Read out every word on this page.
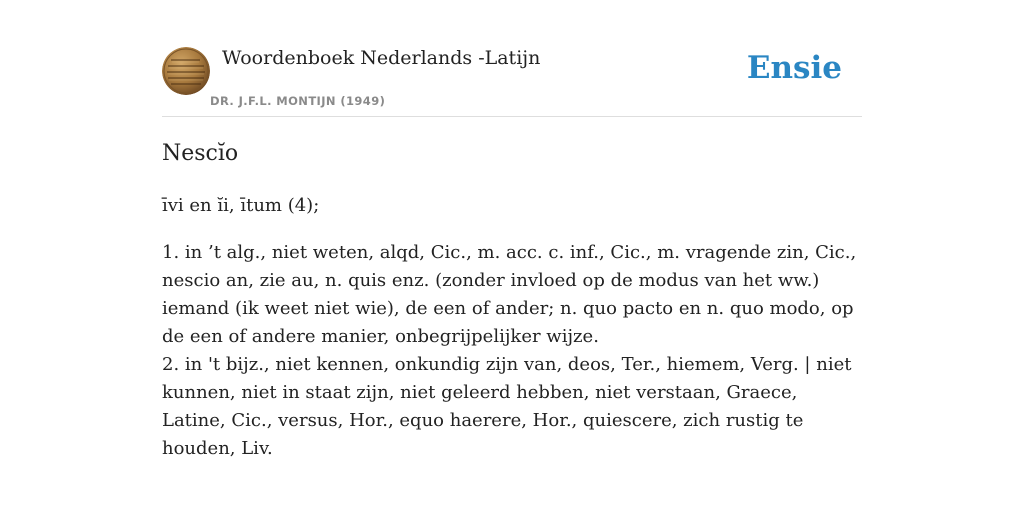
Woordenboek Nederlands -Latijn
DR. J.F.L. MONTIJN (1949)
Ensie
Nescĭo

īvi en ĭi, ītum (4);

1. in ’t alg., niet weten, alqd, Cic., m. acc. c. inf., Cic., m. vragende zin, Cic., nescio an, zie au, n. quis enz. (zonder invloed op de modus van het ww.) iemand (ik weet niet wie), de een of ander; n. quo pacto en n. quo modo, op de een of andere manier, onbegrijpelijker wijze.
2. in 't bijz., niet kennen, onkundig zijn van, deos, Ter., hiemem, Verg. | niet kunnen, niet in staat zijn, niet geleerd hebben, niet verstaan, Graece, Latine, Cic., versus, Hor., equo haerere, Hor., quiescere, zich rustig te houden, Liv.
